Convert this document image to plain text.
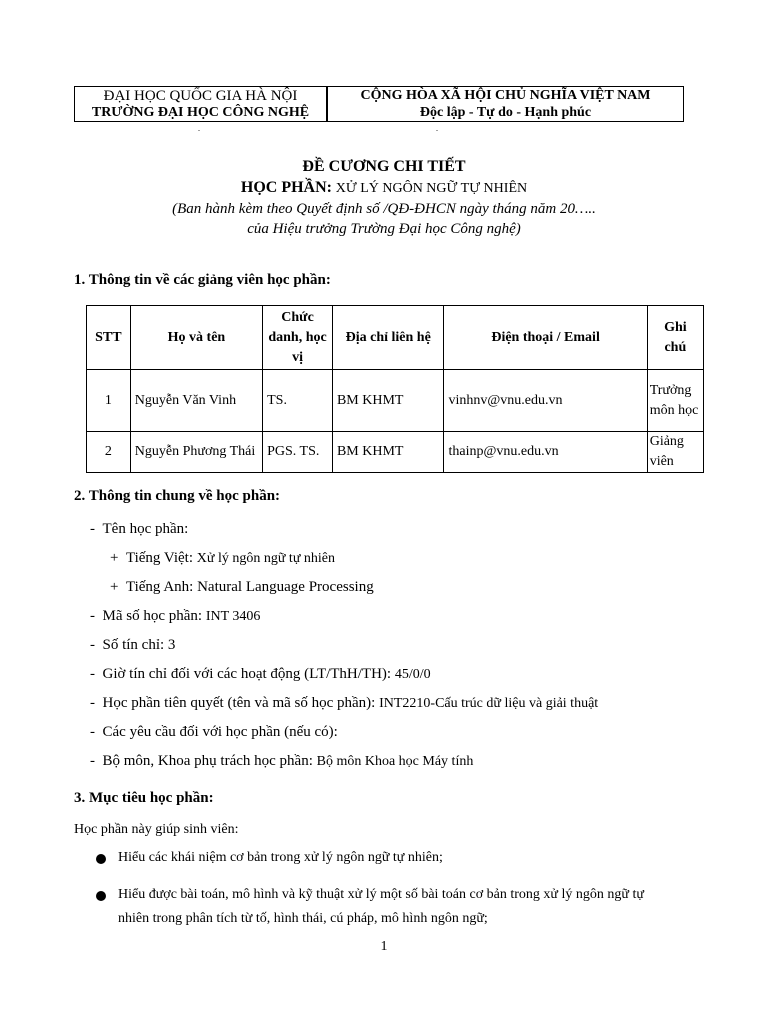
ĐẠI HỌC QUỐC GIA HÀ NỘI
TRƯỜNG ĐẠI HỌC CÔNG NGHỆ
CỘNG HÒA XÃ HỘI CHỦ NGHĨA VIỆT NAM
Độc lập - Tự do - Hạnh phúc
.	.
ĐỀ CƯƠNG CHI TIẾT
HỌC PHẦN: XỬ LÝ NGÔN NGỮ TỰ NHIÊN
(Ban hành kèm theo Quyết định số /QĐ-ĐHCN ngày tháng năm 20…..
của Hiệu trưởng Trường Đại học Công nghệ)
1. Thông tin về các giảng viên học phần:
STT	Họ và tên	Chức danh, học vị	Địa chỉ liên hệ	Điện thoại / Email	Ghi chú
1	Nguyễn Văn Vinh	TS.	BM KHMT	vinhnv@vnu.edu.vn	Trưởng môn học
2	Nguyễn Phương Thái	PGS. TS.	BM KHMT	thainp@vnu.edu.vn	Giảng viên
2. Thông tin chung về học phần:
- Tên học phần:
+ Tiếng Việt: Xử lý ngôn ngữ tự nhiên
+ Tiếng Anh: Natural Language Processing
- Mã số học phần: INT 3406
- Số tín chỉ: 3
- Giờ tín chỉ đối với các hoạt động (LT/ThH/TH): 45/0/0
- Học phần tiên quyết (tên và mã số học phần): INT2210-Cấu trúc dữ liệu và giải thuật
- Các yêu cầu đối với học phần (nếu có):
- Bộ môn, Khoa phụ trách học phần: Bộ môn Khoa học Máy tính
3. Mục tiêu học phần:
Học phần này giúp sinh viên:
Hiểu các khái niệm cơ bản trong xử lý ngôn ngữ tự nhiên;
Hiểu được bài toán, mô hình và kỹ thuật xử lý một số bài toán cơ bản trong xử lý ngôn ngữ tự
nhiên trong phân tích từ tố, hình thái, cú pháp, mô hình ngôn ngữ;
1
